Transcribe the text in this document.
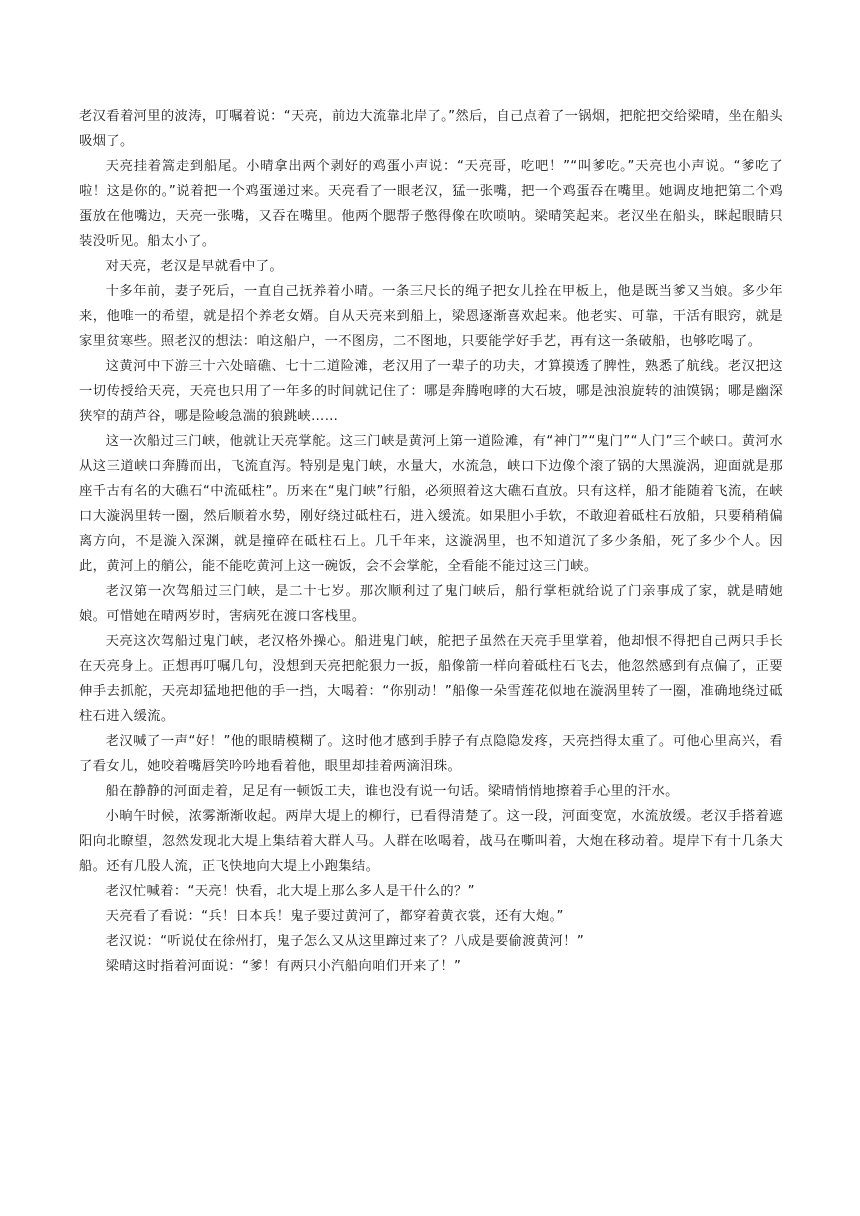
老汉看着河里的波涛，叮嘱着说：“天亮，前边大流靠北岸了。”然后，自己点着了一锅烟，把舵把交给梁晴，坐在船头吸烟了。

天亮挂着篙走到船尾。小晴拿出两个剥好的鸡蛋小声说：“天亮哥，吃吧！”“叫爹吃。”天亮也小声说。“爹吃了啦！这是你的。”说着把一个鸡蛋递过来。天亮看了一眼老汉，猛一张嘴，把一个鸡蛋吞在嘴里。她调皮地把第二个鸡蛋放在他嘴边，天亮一张嘴，又吞在嘴里。他两个腮帮子憋得像在吹唢呐。梁晴笑起来。老汉坐在船头，眯起眼睛只装没听见。船太小了。

对天亮，老汉是早就看中了。

十多年前，妻子死后，一直自己抚养着小晴。一条三尺长的绳子把女儿拴在甲板上，他是既当爹又当娘。多少年来，他唯一的希望，就是招个养老女婿。自从天亮来到船上，梁恩逐渐喜欢起来。他老实、可靠，干活有眼窍，就是家里贫寒些。照老汉的想法：咱这船户，一不图房，二不图地，只要能学好手艺，再有这一条破船，也够吃喝了。

这黄河中下游三十六处暗礁、七十二道险滩，老汉用了一辈子的功夫，才算摸透了脾性，熟悉了航线。老汉把这一切传授给天亮，天亮也只用了一年多的时间就记住了：哪是奔腾咆哮的大石坡，哪是浊浪旋转的油馍锅；哪是幽深狭窄的葫芦谷，哪是险峻急湍的狼跳峡……

这一次船过三门峡，他就让天亮掌舵。这三门峡是黄河上第一道险滩，有“神门”“鬼门”“人门”三个峡口。黄河水从这三道峡口奔腾而出，飞流直泻。特别是鬼门峡，水量大，水流急，峡口下边像个滚了锅的大黑漩涡，迎面就是那座千古有名的大礁石“中流砥柱”。历来在“鬼门峡”行船，必须照着这大礁石直放。只有这样，船才能随着飞流，在峡口大漩涡里转一圈，然后顺着水势，刚好绕过砥柱石，进入缓流。如果胆小手软，不敢迎着砥柱石放船，只要稍稍偏离方向，不是漩入深渊，就是撞碎在砥柱石上。几千年来，这漩涡里，也不知道沉了多少条船，死了多少个人。因此，黄河上的艄公，能不能吃黄河上这一碗饭，会不会掌舵，全看能不能过这三门峡。

老汉第一次驾船过三门峡，是二十七岁。那次顺利过了鬼门峡后，船行掌柜就给说了门亲事成了家，就是晴她娘。可惜她在晴两岁时，害病死在渡口客栈里。

天亮这次驾船过鬼门峡，老汉格外操心。船进鬼门峡，舵把子虽然在天亮手里掌着，他却恨不得把自己两只手长在天亮身上。正想再叮嘱几句，没想到天亮把舵狠力一扳，船像箭一样向着砥柱石飞去，他忽然感到有点偏了，正要伸手去抓舵，天亮却猛地把他的手一挡，大喝着：“你别动！”船像一朵雪莲花似地在漩涡里转了一圈，准确地绕过砥柱石进入缓流。

老汉喊了一声“好！”他的眼睛模糊了。这时他才感到手脖子有点隐隐发疼，天亮挡得太重了。可他心里高兴，看了看女儿，她咬着嘴唇笑吟吟地看着他，眼里却挂着两滴泪珠。

船在静静的河面走着，足足有一顿饭工夫，谁也没有说一句话。梁晴悄悄地擦着手心里的汗水。

小晌午时候，浓雾渐渐收起。两岸大堤上的柳行，已看得清楚了。这一段，河面变宽，水流放缓。老汉手搭着遮阳向北瞭望，忽然发现北大堤上集结着大群人马。人群在吆喝着，战马在嘶叫着，大炮在移动着。堤岸下有十几条大船。还有几股人流，正飞快地向大堤上小跑集结。

老汉忙喊着：“天亮！快看，北大堤上那么多人是干什么的？”

天亮看了看说：“兵！日本兵！鬼子要过黄河了，都穿着黄衣裳，还有大炮。”

老汉说：“听说仗在徐州打，鬼子怎么又从这里蹿过来了？八成是要偷渡黄河！”

梁晴这时指着河面说：“爹！有两只小汽船向咱们开来了！”
